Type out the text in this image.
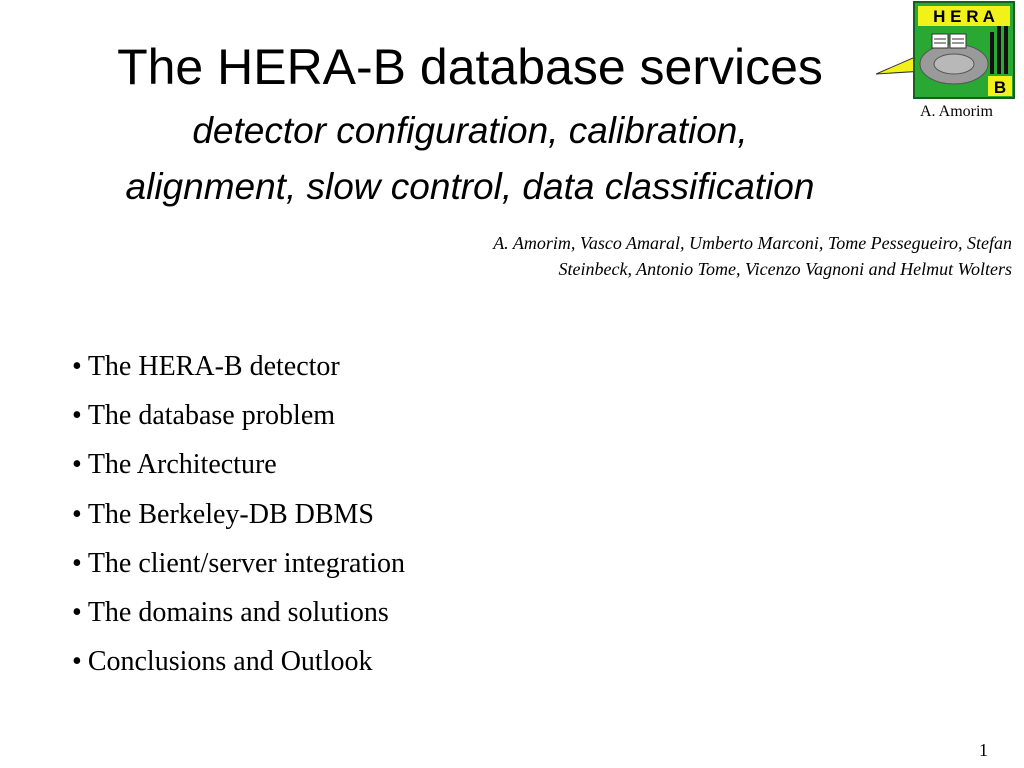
The HERA-B database services
detector configuration, calibration,
alignment, slow control, data classification
H E R A
B
A. Amorim
A. Amorim, Vasco Amaral, Umberto Marconi, Tome Pessegueiro, Stefan
Steinbeck, Antonio Tome, Vicenzo Vagnoni and Helmut Wolters
• The HERA-B detector
• The database problem
• The Architecture
• The Berkeley-DB DBMS
• The client/server integration
• The domains and solutions
• Conclusions and Outlook
1
